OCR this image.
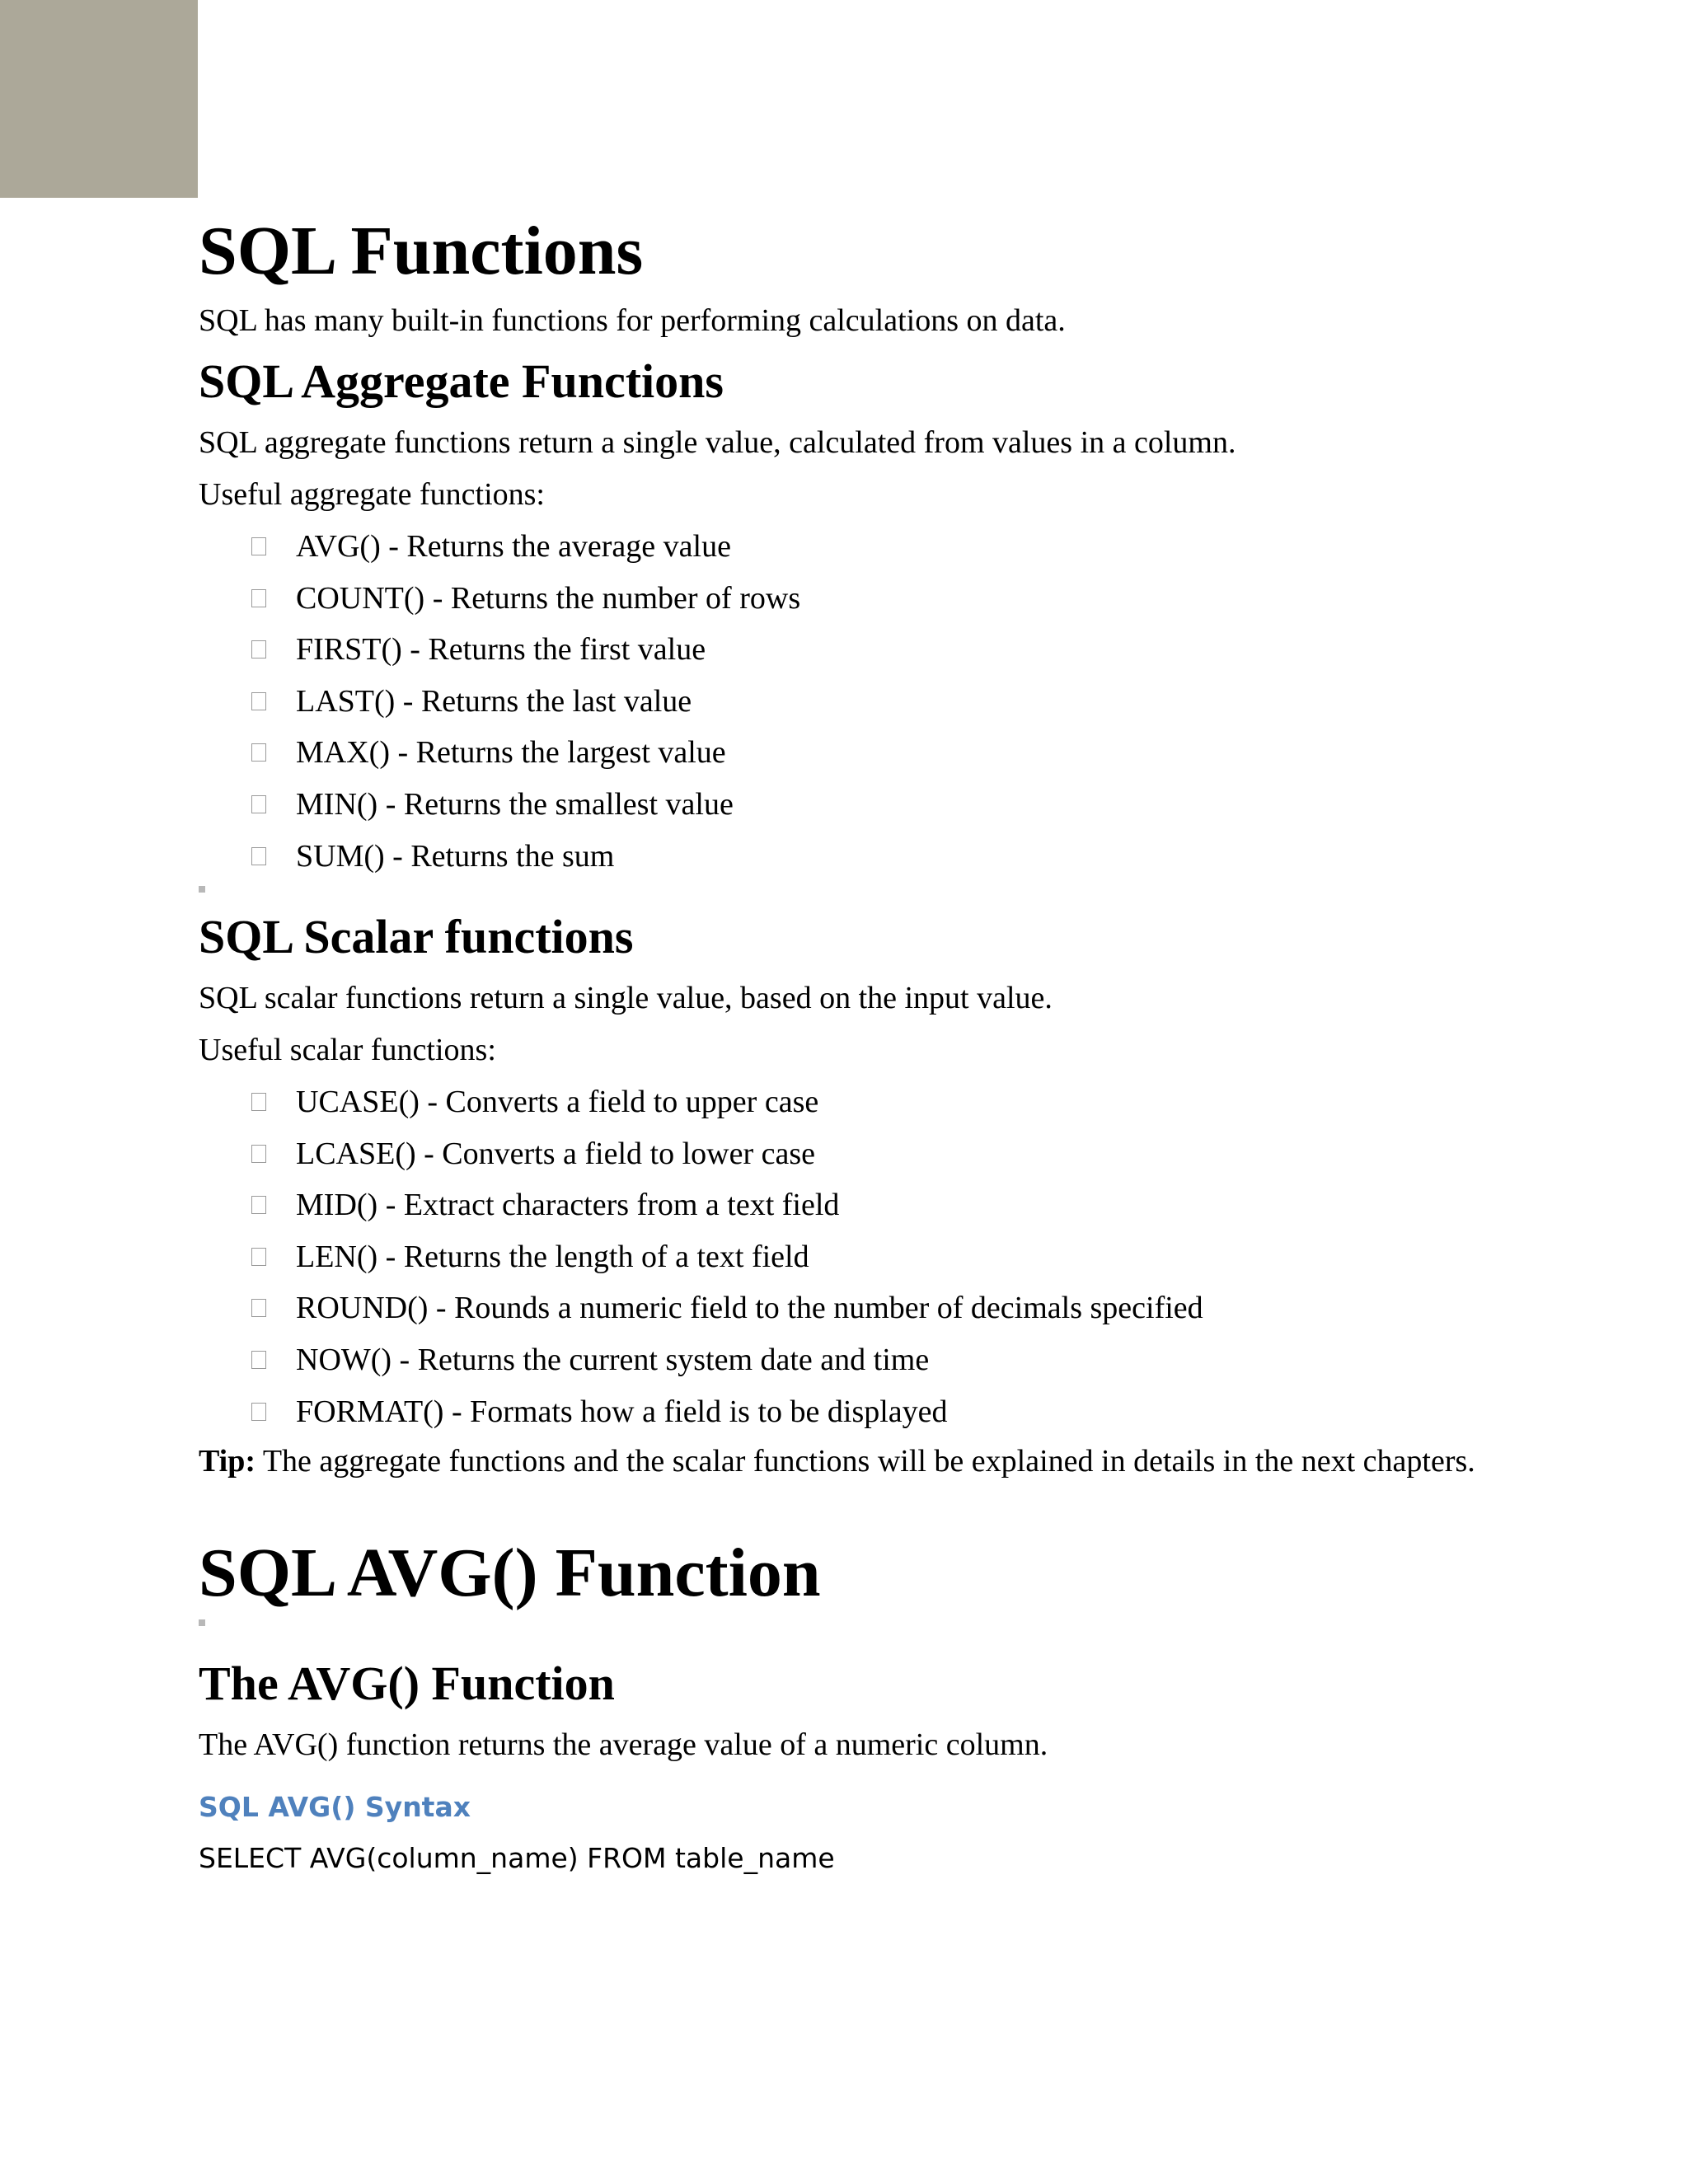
SQL Functions

SQL has many built-in functions for performing calculations on data.

SQL Aggregate Functions

SQL aggregate functions return a single value, calculated from values in a column.

Useful aggregate functions:

AVG() - Returns the average value
COUNT() - Returns the number of rows
FIRST() - Returns the first value
LAST() - Returns the last value
MAX() - Returns the largest value
MIN() - Returns the smallest value
SUM() - Returns the sum
SQL Scalar functions

SQL scalar functions return a single value, based on the input value.

Useful scalar functions:

UCASE() - Converts a field to upper case
LCASE() - Converts a field to lower case
MID() - Extract characters from a text field
LEN() - Returns the length of a text field
ROUND() - Rounds a numeric field to the number of decimals specified
NOW() - Returns the current system date and time
FORMAT() - Formats how a field is to be displayed

Tip: The aggregate functions and the scalar functions will be explained in details in the next chapters.

SQL AVG() Function
The AVG() Function

The AVG() function returns the average value of a numeric column.

SQL AVG() Syntax
SELECT AVG(column_name) FROM table_name
